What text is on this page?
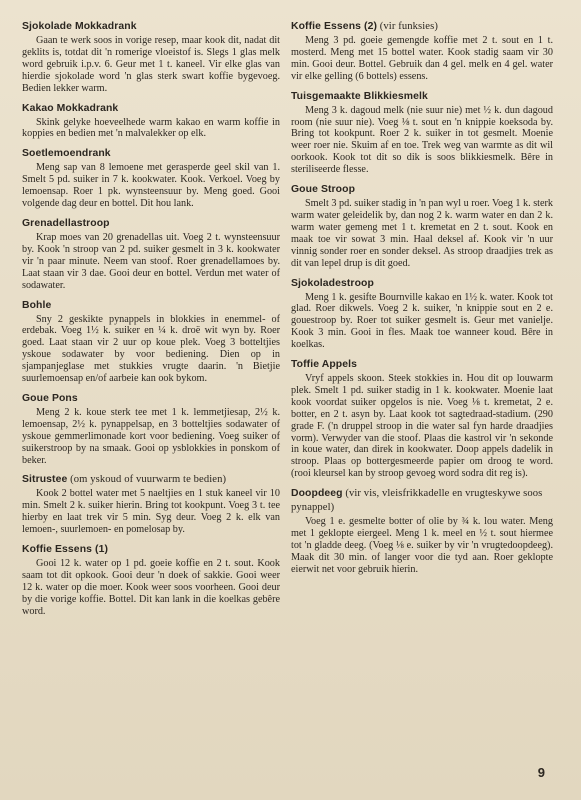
Sjokolade Mokkadrank

Gaan te werk soos in vorige resep, maar kook dit, nadat dit geklits is, totdat dit 'n romerige vloeistof is. Slegs 1 glas melk word gebruik i.p.v. 6. Geur met 1 t. kaneel. Vir elke glas van hierdie sjokolade word 'n glas sterk swart koffie bygevoeg. Bedien lekker warm.

Kakao Mokkadrank

Skink gelyke hoeveelhede warm kakao en warm koffie in koppies en bedien met 'n malvalekker op elk.

Soetlemoendrank

Meng sap van 8 lemoene met gerasperde geel skil van 1. Smelt 5 pd. suiker in 7 k. kookwater. Kook. Verkoel. Voeg by lemoensap. Roer 1 pk. wynsteensuur by. Meng goed. Gooi volgende dag deur en bottel. Dit hou lank.

Grenadellastroop

Krap moes van 20 grenadellas uit. Voeg 2 t. wynsteensuur by. Kook 'n stroop van 2 pd. suiker gesmelt in 3 k. kookwater vir 'n paar minute. Neem van stoof. Roer grenadellamoes by. Laat staan vir 3 dae. Gooi deur en bottel. Verdun met water of sodawater.

Bohle

Sny 2 geskikte pynappels in blokkies in enemmel- of erdebak. Voeg 1½ k. suiker en ¼ k. droë wit wyn by. Roer goed. Laat staan vir 2 uur op koue plek. Voeg 3 botteltjies yskoue sodawater by voor bediening. Dien op in sjampanjeglase met stukkies vrugte daarin. 'n Bietjie suurlemoensap en/of aarbeie kan ook bykom.

Goue Pons

Meng 2 k. koue sterk tee met 1 k. lemmetjiesap, 2½ k. lemoensap, 2½ k. pynappelsap, en 3 botteltjies sodawater of yskoue gemmerlimonade kort voor bediening. Voeg suiker of suikerstroop by na smaak. Gooi op ysblokkies in ponskom of beker.

Sitrustee (om yskoud of vuurwarm te bedien)

Kook 2 bottel water met 5 naeltjies en 1 stuk kaneel vir 10 min. Smelt 2 k. suiker hierin. Bring tot kookpunt. Voeg 3 t. tee hierby en laat trek vir 5 min. Syg deur. Voeg 2 k. elk van lemoen-, suurlemoen- en pomelosap by.

Koffie Essens (1)

Gooi 12 k. water op 1 pd. goeie koffie en 2 t. sout. Kook saam tot dit opkook. Gooi deur 'n doek of sakkie. Gooi weer 12 k. water op die moer. Kook weer soos voorheen. Gooi deur by die vorige koffie. Bottel. Dit kan lank in die koelkas gebêre word.

Koffie Essens (2) (vir funksies)

Meng 3 pd. goeie gemengde koffie met 2 t. sout en 1 t. mosterd. Meng met 15 bottel water. Kook stadig saam vir 30 min. Gooi deur. Bottel. Gebruik dan 4 gel. melk en 4 gel. water vir elke gelling (6 bottels) essens.

Tuisgemaakte Blikkiesmelk

Meng 3 k. dagoud melk (nie suur nie) met ½ k. dun dagoud room (nie suur nie). Voeg ⅛ t. sout en 'n knippie koeksoda by. Bring tot kookpunt. Roer 2 k. suiker in tot gesmelt. Moenie weer roer nie. Skuim af en toe. Trek weg van warmte as dit wil oorkook. Kook tot dit so dik is soos blikkiesmelk. Bêre in steriliseerde flesse.

Goue Stroop

Smelt 3 pd. suiker stadig in 'n pan wyl u roer. Voeg 1 k. sterk warm water geleidelik by, dan nog 2 k. warm water en dan 2 k. warm water gemeng met 1 t. kremetat en 2 t. sout. Kook en maak toe vir sowat 3 min. Haal deksel af. Kook vir 'n uur vinnig sonder roer en sonder deksel. As stroop draadjies trek as dit van lepel drup is dit goed.

Sjokoladestroop

Meng 1 k. gesifte Bournville kakao en 1½ k. water. Kook tot glad. Roer dikwels. Voeg 2 k. suiker, 'n knippie sout en 2 e. gouestroop by. Roer tot suiker gesmelt is. Geur met vanielje. Kook 3 min. Gooi in fles. Maak toe wanneer koud. Bêre in koelkas.

Toffie Appels

Vryf appels skoon. Steek stokkies in. Hou dit op louwarm plek. Smelt 1 pd. suiker stadig in 1 k. kookwater. Moenie laat kook voordat suiker opgelos is nie. Voeg ⅛ t. kremetat, 2 e. botter, en 2 t. asyn by. Laat kook tot sagtedraad-stadium. (290 grade F. ('n druppel stroop in die water sal fyn harde draadjies vorm). Verwyder van die stoof. Plaas die kastrol vir 'n sekonde in koue water, dan direk in kookwater. Doop appels dadelik in stroop. Plaas op bottergesmeerde papier om droog te word. (rooi kleursel kan by stroop gevoeg word sodra dit reg is).

Doopdeeg (vir vis, vleisfrikkadelle en vrugteskywe soos pynappel)

Voeg 1 e. gesmelte botter of olie by ¾ k. lou water. Meng met 1 geklopte eiergeel. Meng 1 k. meel en ½ t. sout hiermee tot 'n gladde deeg. (Voeg ⅛ e. suiker by vir 'n vrugtedoopdeeg). Maak dit 30 min. of langer voor die tyd aan. Roer geklopte eierwit net voor gebruik hierin.

9
